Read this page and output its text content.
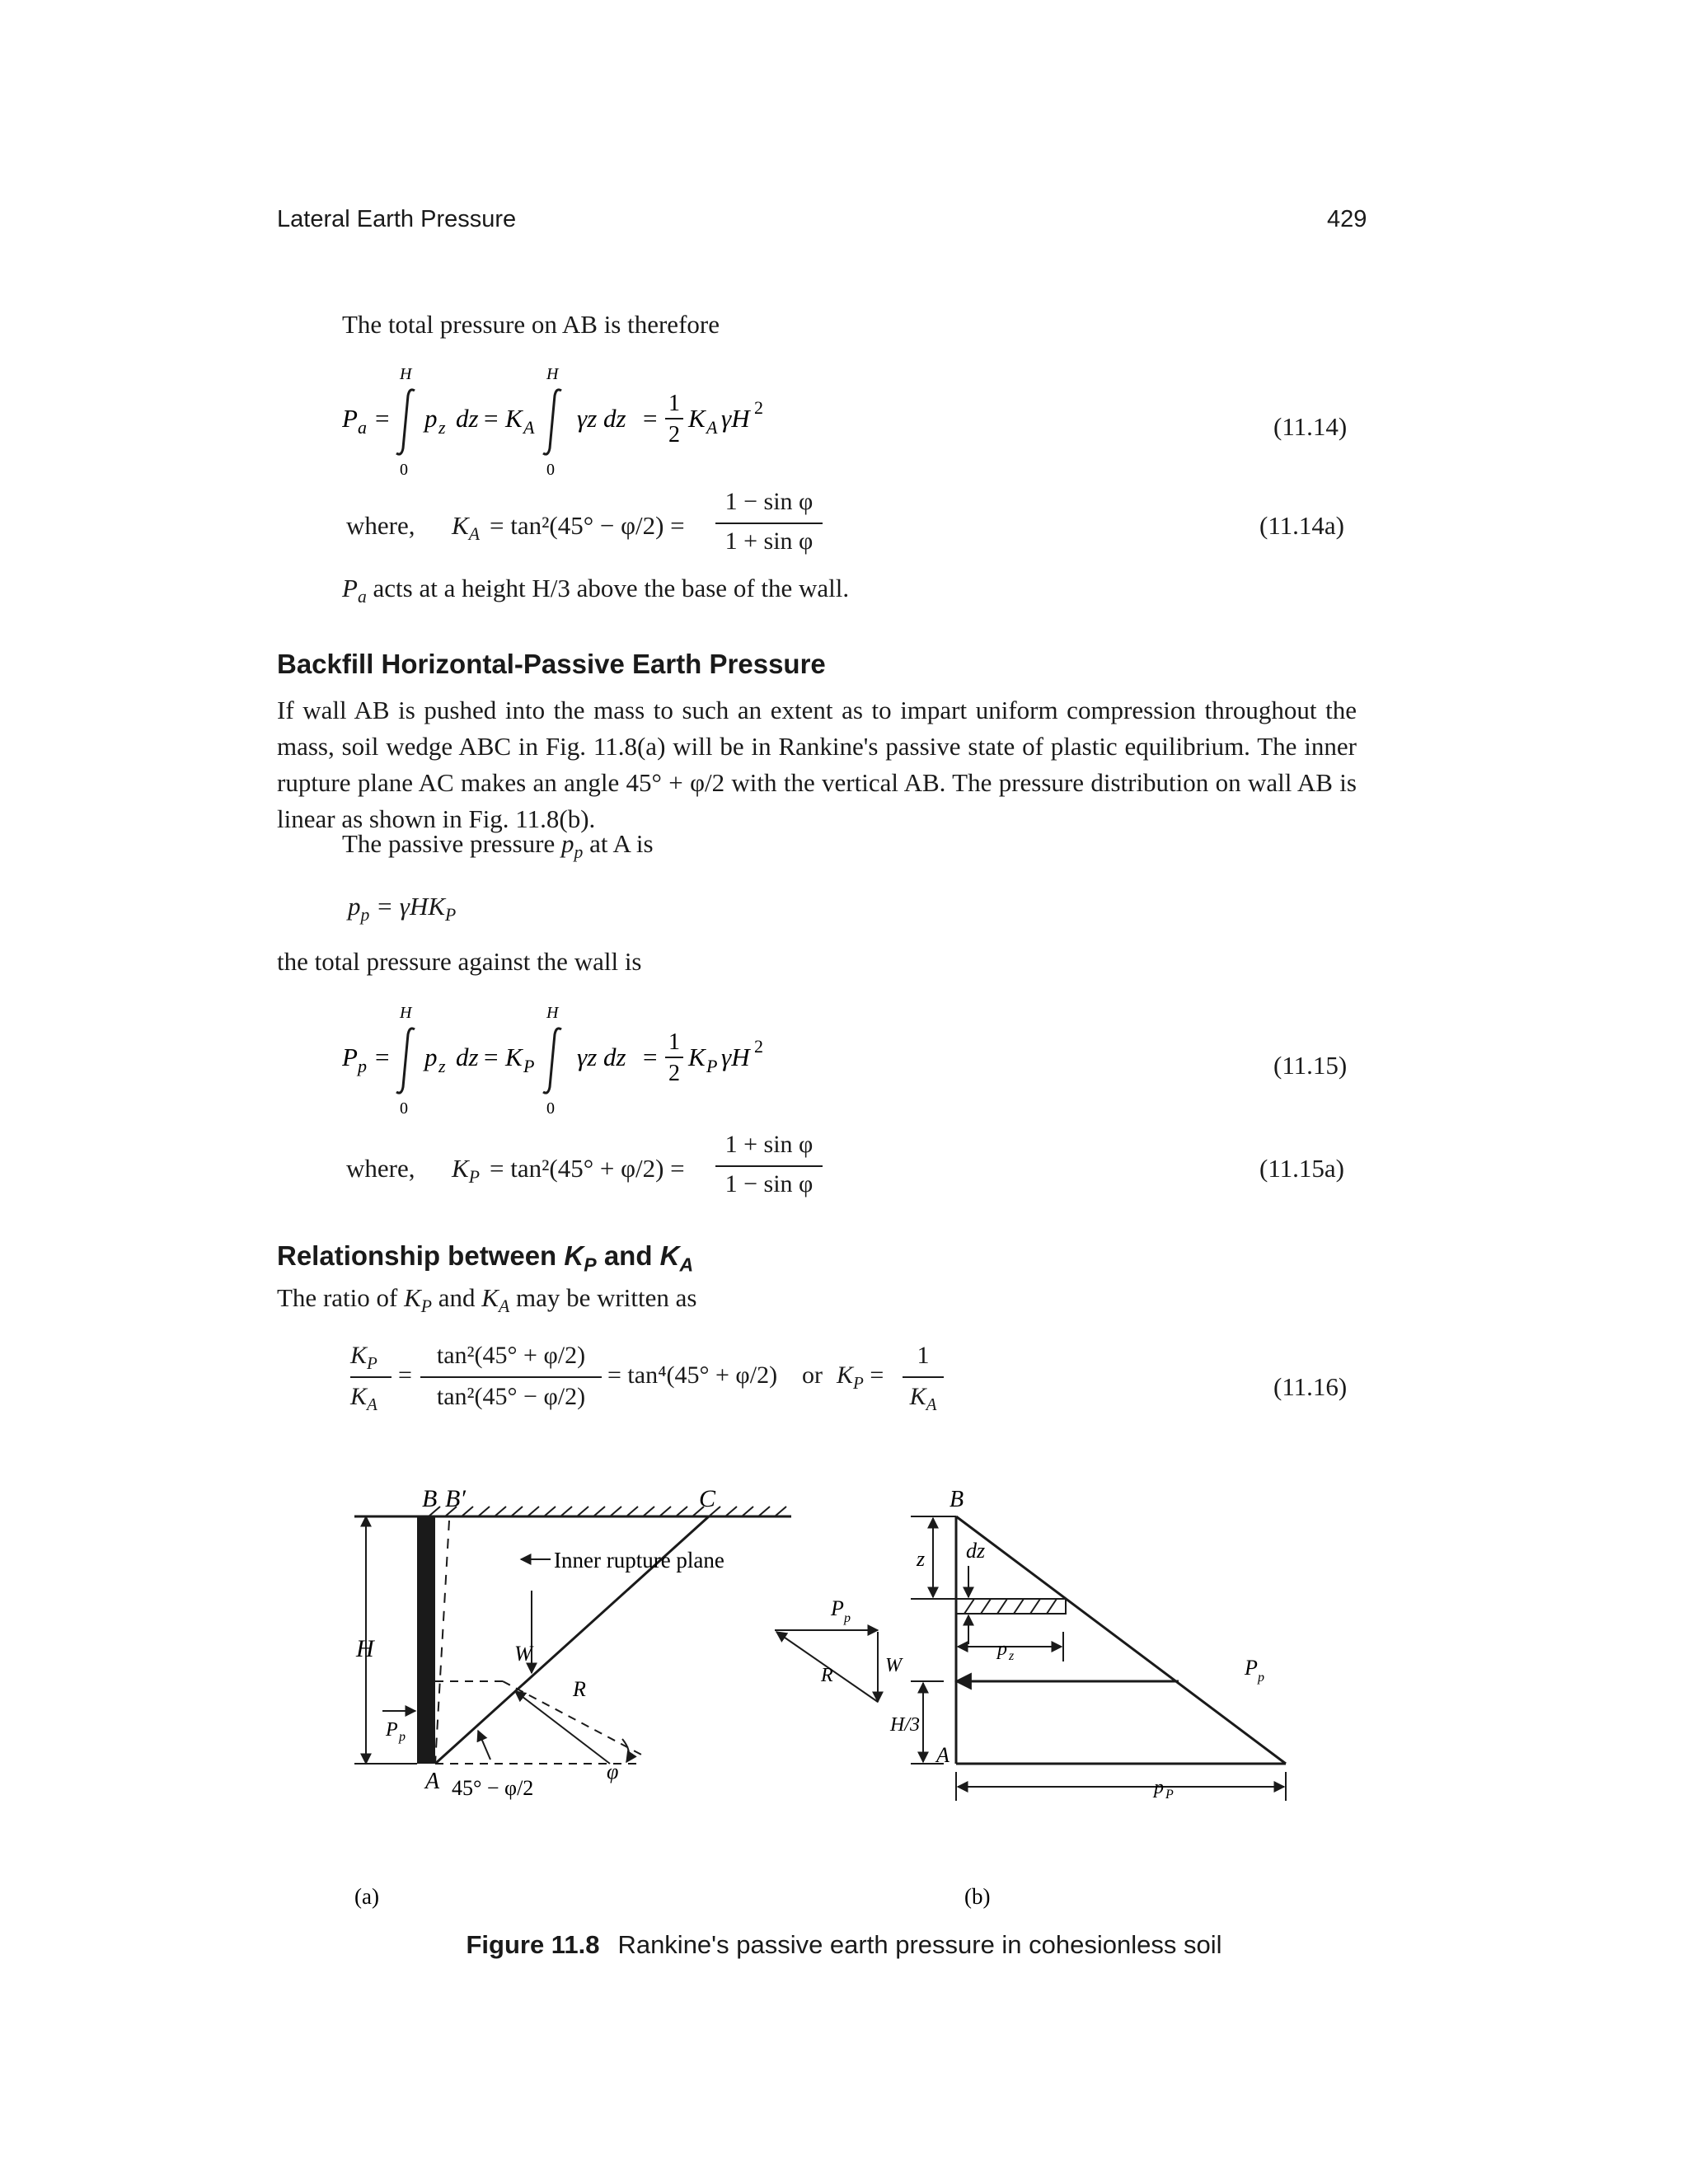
Lateral Earth Pressure	429
The total pressure on AB is therefore
P a =
H
0
p z dz = K A
H
0
γz dz =
1
2
K A γH 2
(11.14)
where, $K_A = \tan^2(45^\circ - \varphi/2)$ =
1 − sin φ
1 + sin φ
(11.14a)
$P_a$ acts at a height H/3 above the base of the wall.
Backfill Horizontal-Passive Earth Pressure
If wall AB is pushed into the mass to such an extent as to impart uniform compression throughout the mass, soil wedge ABC in Fig. 11.8(a) will be in Rankine's passive state of plastic equilibrium. The inner rupture plane AC makes an angle 45° + φ/2 with the vertical AB. The pressure distribution on wall AB is linear as shown in Fig. 11.8(b).
The passive pressure $p_p$ at A is
$p_p = \gamma HK_P$
the total pressure against the wall is
P p =
H
0
p z dz = K P
H
0
γz dz =
1
2
K P γH 2
(11.15)
where, $K_P = \tan^2(45^\circ + \varphi/2)$ =
1 + sin φ
1 − sin φ
(11.15a)
Relationship between $K_P$ and $K_A$
The ratio of $K_P$ and $K_A$ may be written as
$K_P$
$K_A$
=
tan²(45° + φ/2)
tan²(45° − φ/2)
= tan⁴(45° + φ/2) or $K_P$ =
1
$K_A$
(11.16)
B B′	C
Inner rupture plane
H	W
R
A 45° − φ/2
φ
P p
P p
W
R
B
z dz
p z	P p
H/3
A
p P
(a)	(b)
Figure 11.8 Rankine's passive earth pressure in cohesionless soil
